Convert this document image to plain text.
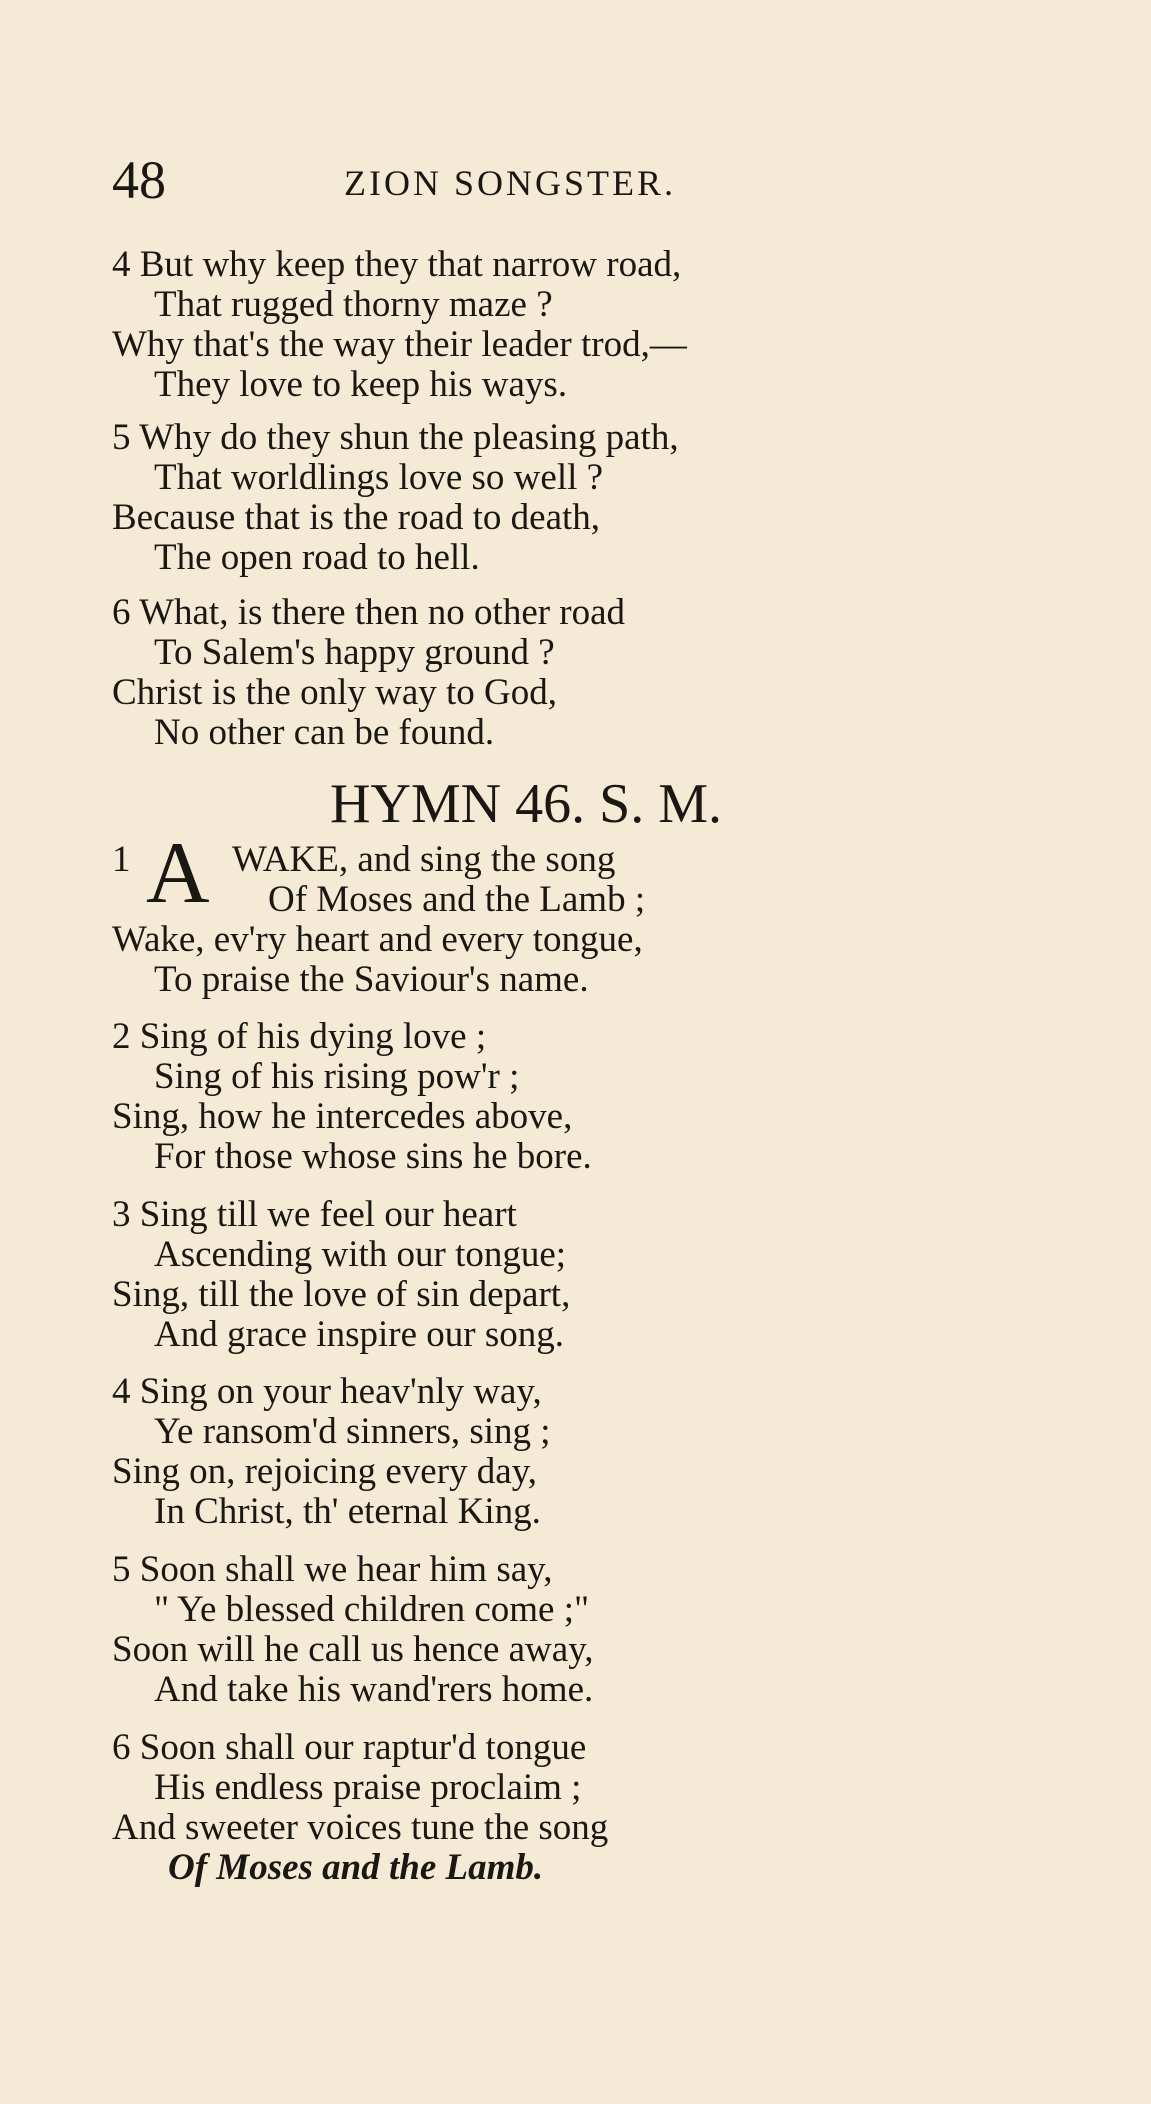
48	ZION SONGSTER.
4 But why keep they that narrow road,
That rugged thorny maze ?
Why that's the way their leader trod,—
They love to keep his ways.
5 Why do they shun the pleasing path,
That worldlings love so well ?
Because that is the road to death,
The open road to hell.
6 What, is there then no other road
To Salem's happy ground ?
Christ is the only way to God,
No other can be found.
HYMN 46. S. M.
1 A WAKE, and sing the song
Of Moses and the Lamb ;
Wake, ev'ry heart and every tongue,
To praise the Saviour's name.
2 Sing of his dying love ;
Sing of his rising pow'r ;
Sing, how he intercedes above,
For those whose sins he bore.
3 Sing till we feel our heart
Ascending with our tongue;
Sing, till the love of sin depart,
And grace inspire our song.
4 Sing on your heav'nly way,
Ye ransom'd sinners, sing ;
Sing on, rejoicing every day,
In Christ, th' eternal King.
5 Soon shall we hear him say,
" Ye blessed children come ;"
Soon will he call us hence away,
And take his wand'rers home.
6 Soon shall our raptur'd tongue
His endless praise proclaim ;
And sweeter voices tune the song
Of Moses and the Lamb.
